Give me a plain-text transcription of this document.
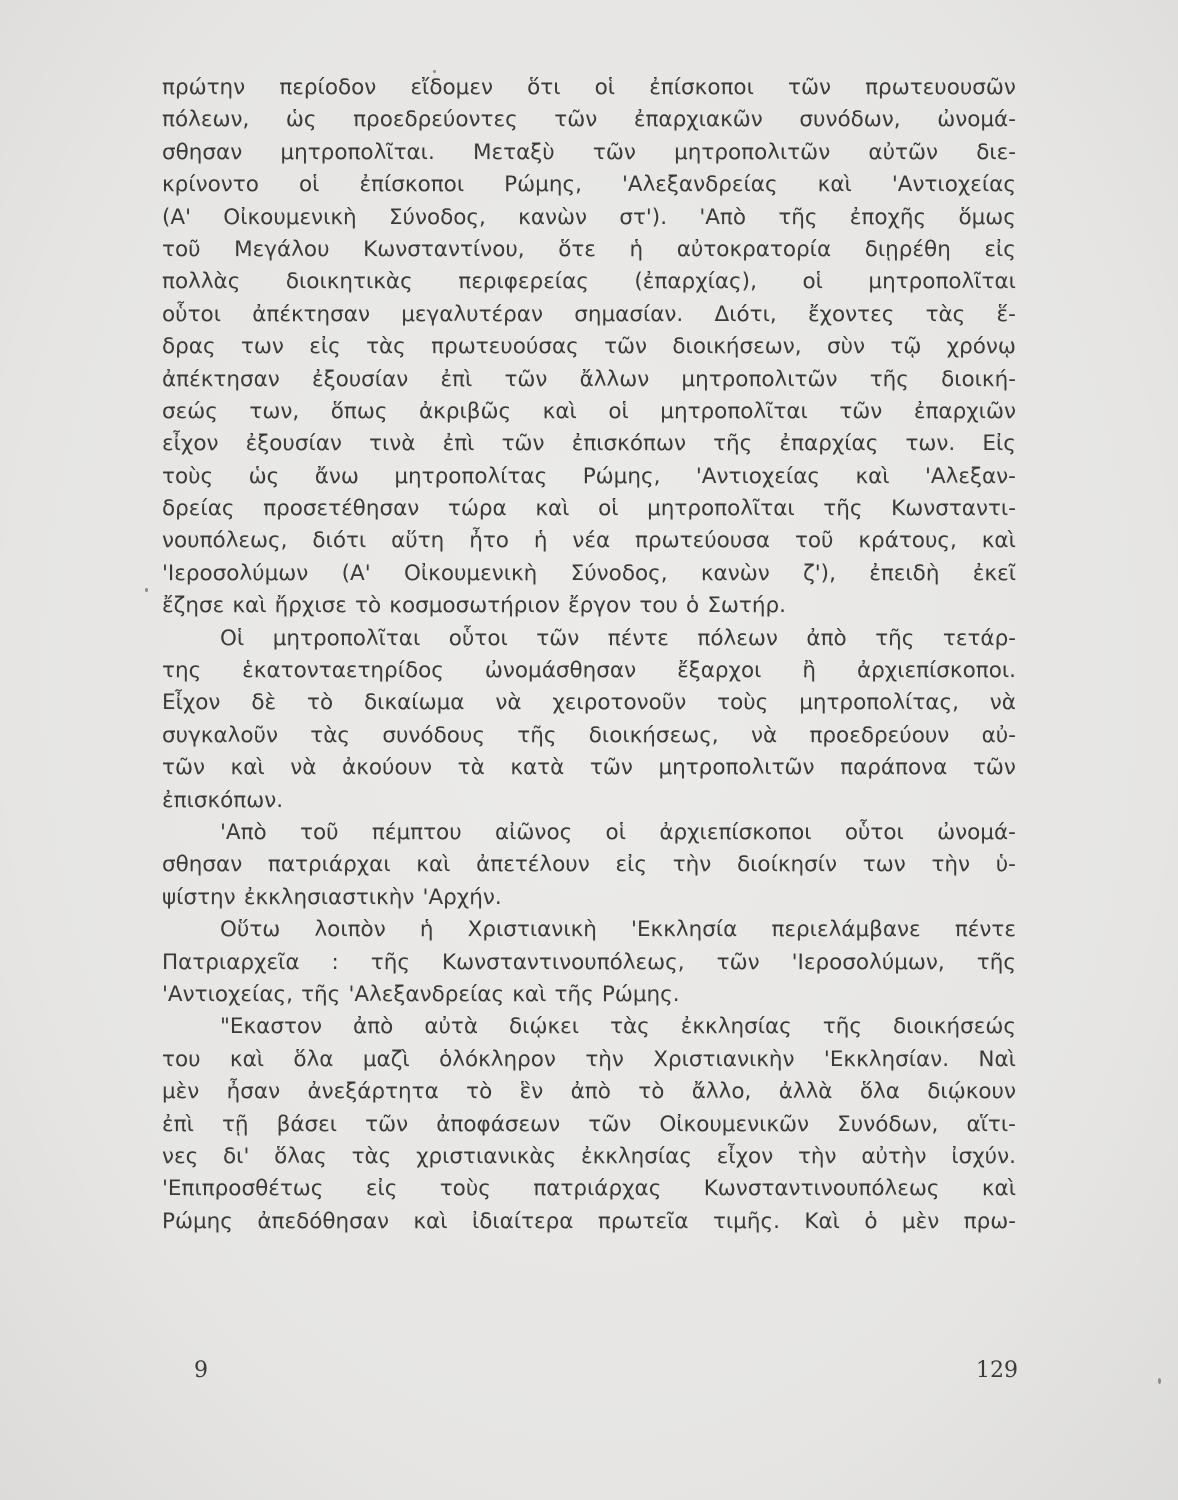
πρώτην περίοδον εἴδομεν ὅτι οἱ ἐπίσκοποι τῶν πρωτευουσῶν
πόλεων, ὡς προεδρεύοντες τῶν ἐπαρχιακῶν συνόδων, ὠνομά-
σθησαν μητροπολῖται. Μεταξὺ τῶν μητροπολιτῶν αὐτῶν διε-
κρίνοντο οἱ ἐπίσκοποι Ρώμης, 'Αλεξανδρείας καὶ 'Αντιοχείας
(Α' Οἰκουμενικὴ Σύνοδος, κανὼν στ'). 'Απὸ τῆς ἐποχῆς ὅμως
τοῦ Μεγάλου Κωνσταντίνου, ὅτε ἡ αὐτοκρατορία διῃρέθη εἰς
πολλὰς διοικητικὰς περιφερείας (ἐπαρχίας), οἱ μητροπολῖται
οὗτοι ἀπέκτησαν μεγαλυτέραν σημασίαν. Διότι, ἔχοντες τὰς ἕ-
δρας των εἰς τὰς πρωτευούσας τῶν διοικήσεων, σὺν τῷ χρόνῳ
ἀπέκτησαν ἐξουσίαν ἐπὶ τῶν ἄλλων μητροπολιτῶν τῆς διοική-
σεώς των, ὅπως ἀκριβῶς καὶ οἱ μητροπολῖται τῶν ἐπαρχιῶν
εἶχον ἐξουσίαν τινὰ ἐπὶ τῶν ἐπισκόπων τῆς ἐπαρχίας των. Εἰς
τοὺς ὡς ἄνω μητροπολίτας Ρώμης, 'Αντιοχείας καὶ 'Αλεξαν-
δρείας προσετέθησαν τώρα καὶ οἱ μητροπολῖται τῆς Κωνσταντι-
νουπόλεως, διότι αὕτη ἦτο ἡ νέα πρωτεύουσα τοῦ κράτους, καὶ
'Ιεροσολύμων (Α' Οἰκουμενικὴ Σύνοδος, κανὼν ζ'), ἐπειδὴ ἐκεῖ
ἔζησε καὶ ἤρχισε τὸ κοσμοσωτήριον ἔργον του ὁ Σωτήρ.
Οἱ μητροπολῖται οὗτοι τῶν πέντε πόλεων ἀπὸ τῆς τετάρ-
της ἑκατονταετηρίδος ὠνομάσθησαν ἔξαρχοι ἢ ἀρχιεπίσκοποι.
Εἶχον δὲ τὸ δικαίωμα νὰ χειροτονοῦν τοὺς μητροπολίτας, νὰ
συγκαλοῦν τὰς συνόδους τῆς διοικήσεως, νὰ προεδρεύουν αὐ-
τῶν καὶ νὰ ἀκούουν τὰ κατὰ τῶν μητροπολιτῶν παράπονα τῶν
ἐπισκόπων.
'Απὸ τοῦ πέμπτου αἰῶνος οἱ ἀρχιεπίσκοποι οὗτοι ὠνομά-
σθησαν πατριάρχαι καὶ ἀπετέλουν εἰς τὴν διοίκησίν των τὴν ὑ-
ψίστην ἐκκλησιαστικὴν 'Αρχήν.
Οὕτω λοιπὸν ἡ Χριστιανικὴ 'Εκκλησία περιελάμβανε πέντε
Πατριαρχεῖα : τῆς Κωνσταντινουπόλεως, τῶν 'Ιεροσολύμων, τῆς
'Αντιοχείας, τῆς 'Αλεξανδρείας καὶ τῆς Ρώμης.
"Εκαστον ἀπὸ αὐτὰ διῴκει τὰς ἐκκλησίας τῆς διοικήσεώς
του καὶ ὅλα μαζὶ ὁλόκληρον τὴν Χριστιανικὴν 'Εκκλησίαν. Ναὶ
μὲν ἦσαν ἀνεξάρτητα τὸ ἓν ἀπὸ τὸ ἄλλο, ἀλλὰ ὅλα διῴκουν
ἐπὶ τῇ βάσει τῶν ἀποφάσεων τῶν Οἰκουμενικῶν Συνόδων, αἵτι-
νες δι' ὅλας τὰς χριστιανικὰς ἐκκλησίας εἶχον τὴν αὐτὴν ἰσχύν.
'Επιπροσθέτως εἰς τοὺς πατριάρχας Κωνσταντινουπόλεως καὶ
Ρώμης ἀπεδόθησαν καὶ ἰδιαίτερα πρωτεῖα τιμῆς. Καὶ ὁ μὲν πρω-
9	129
